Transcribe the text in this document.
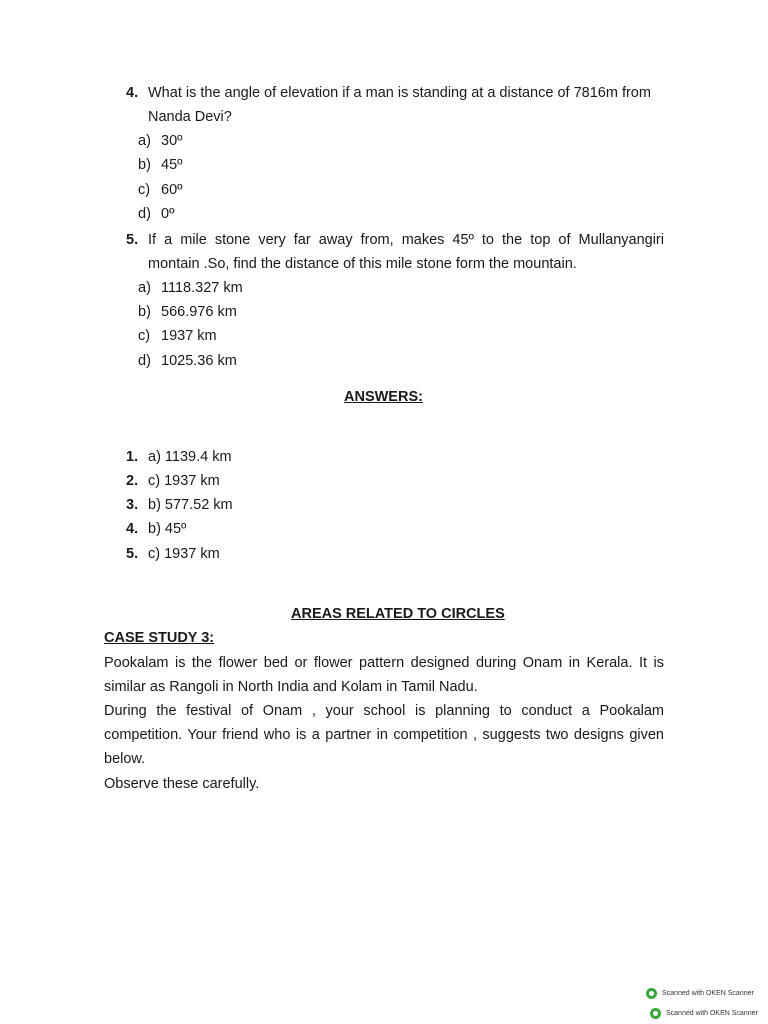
4. What is the angle of elevation if a man is standing at a distance of 7816m from
Nanda Devi?
a) 30º
b) 45º
c) 60º
d) 0º
5. If a mile stone very far away from, makes 45º to the top of Mullanyangiri
montain .So, find the distance of this mile stone form the mountain.
a) 1118.327 km
b) 566.976 km
c) 1937 km
d) 1025.36 km
ANSWERS:
1. a) 1139.4 km
2. c) 1937 km
3. b) 577.52 km
4. b) 45º
5. c) 1937 km
AREAS RELATED TO CIRCLES
CASE STUDY 3:
Pookalam is the flower bed or flower pattern designed during Onam in Kerala. It is
similar as Rangoli in North India and Kolam in Tamil Nadu.
During the festival of Onam , your school is planning to conduct a Pookalam
competition. Your friend who is a partner in competition , suggests two designs given
below.
Observe these carefully.
Scanned with OKEN Scanner
Scanned with OKEN Scanner
